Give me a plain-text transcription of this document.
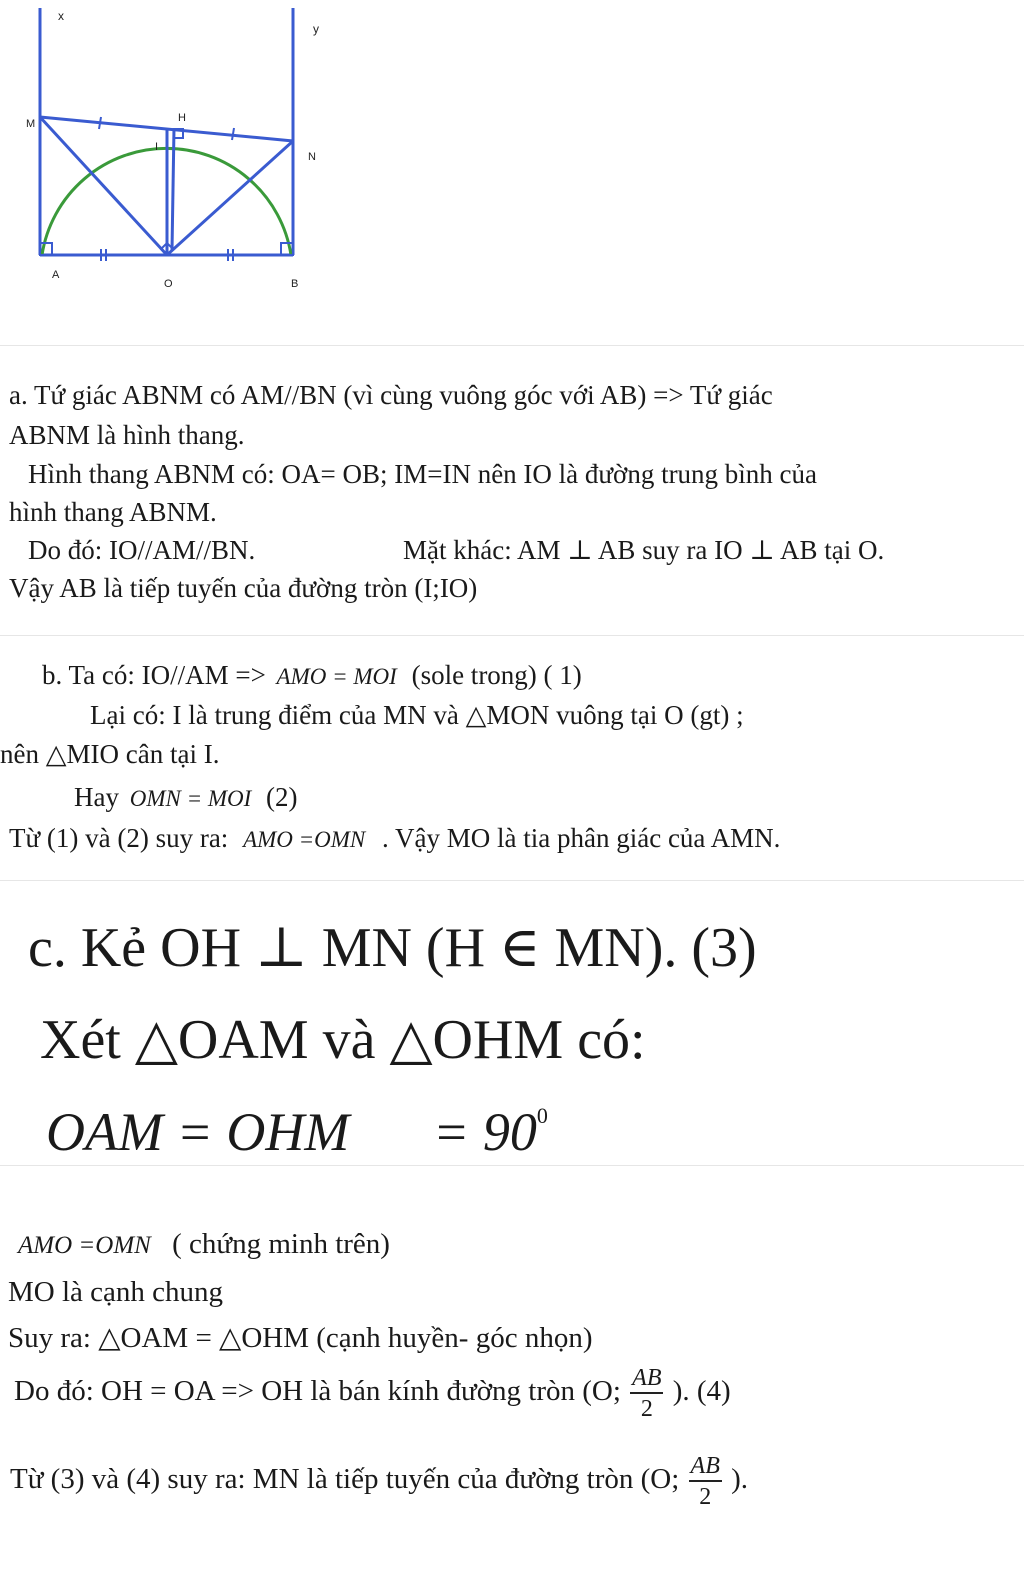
x
y
M	H
I
N
A
O	B
a. Tứ giác ABNM có AM//BN (vì cùng vuông góc với AB) => Tứ giác
ABNM là hình thang.
Hình thang ABNM có: OA= OB; IM=IN nên IO là đường trung bình của
hình thang ABNM.
Do đó: IO//AM//BN.	Mặt khác: AM ⊥ AB suy ra IO ⊥ AB tại O.
Vậy AB là tiếp tuyến của đường tròn (I;IO)
b. Ta có: IO//AM => AMO = MOI (sole trong) ( 1)
Lại có: I là trung điểm của MN và △MON vuông tại O (gt) ;
nên △MIO cân tại I.
Hay OMN = MOI (2)
Từ (1) và (2) suy ra: AMO =OMN . Vậy MO là tia phân giác của AMN.
c. Kẻ OH ⊥ MN (H ∈ MN). (3)
Xét △OAM và △OHM có:
OAM = OHM = $90^0$
AMO =OMN ( chứng minh trên)
MO là cạnh chung
Suy ra: △OAM = △OHM (cạnh huyền- góc nhọn)
Do đó: OH = OA => OH là bán kính đường tròn (O; $\frac{AB}{2}$ ). (4)
Từ (3) và (4) suy ra: MN là tiếp tuyến của đường tròn (O; $\frac{AB}{2}$ ).
